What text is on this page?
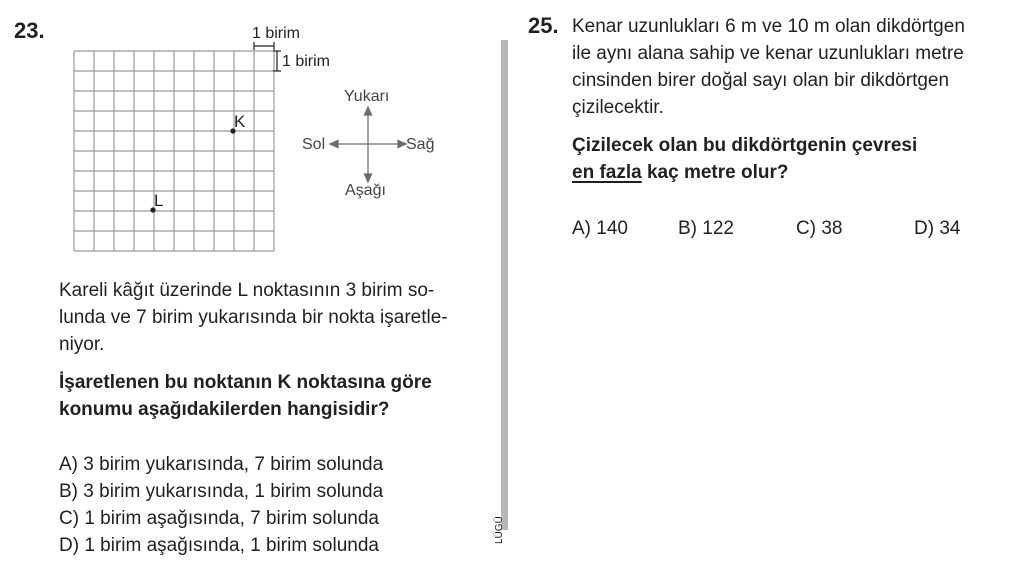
23.	1 birim
1 birim
K
L
Yukarı
Aşağı
Sol	Sağ
Kareli kâğıt üzerinde L noktasının 3 birim so-
lunda ve 7 birim yukarısında bir nokta işaretle-
niyor.
İşaretlenen bu noktanın K noktasına göre
konumu aşağıdakilerden hangisidir?
A) 3 birim yukarısında, 7 birim solunda
B) 3 birim yukarısında, 1 birim solunda
C) 1 birim aşağısında, 7 birim solunda
D) 1 birim aşağısında, 1 birim solunda
LÜGÜ
25. Kenar uzunlukları 6 m ve 10 m olan dikdörtgen
ile aynı alana sahip ve kenar uzunlukları metre
cinsinden birer doğal sayı olan bir dikdörtgen
çizilecektir.
Çizilecek olan bu dikdörtgenin çevresi
en fazla kaç metre olur?
A) 140	B) 122	C) 38	D) 34
